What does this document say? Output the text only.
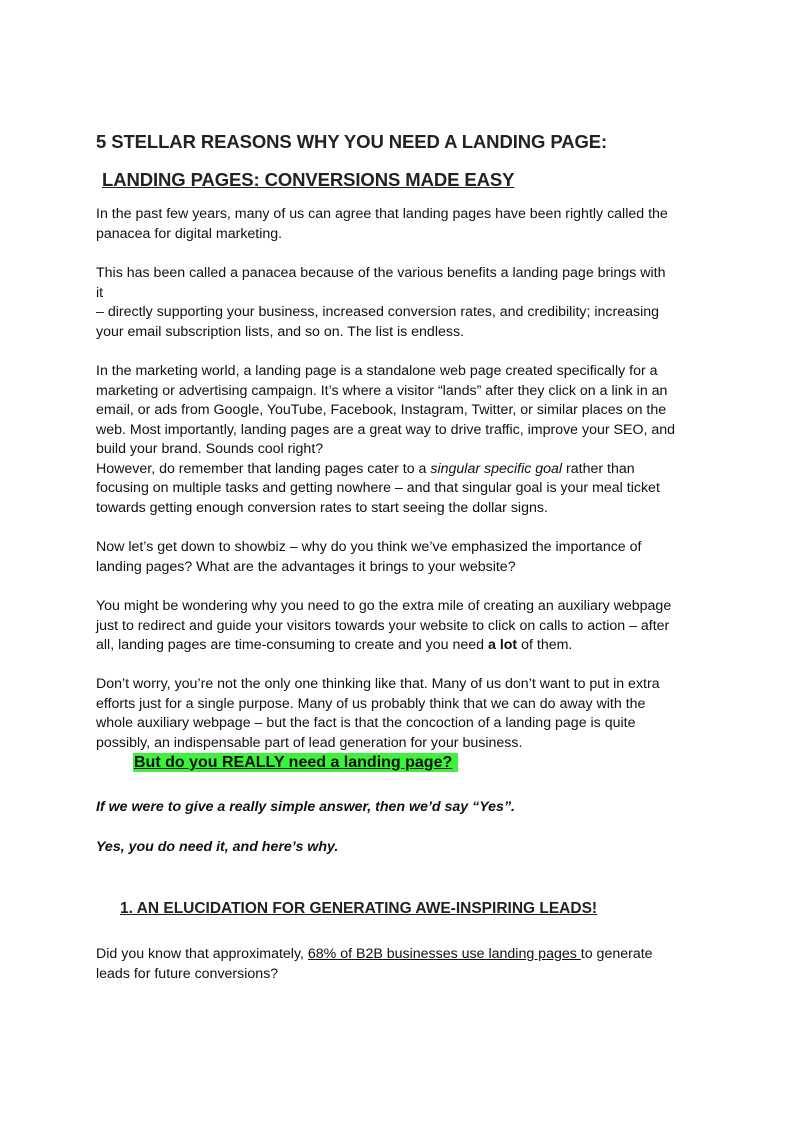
5 STELLAR REASONS WHY YOU NEED A LANDING PAGE:
LANDING PAGES: CONVERSIONS MADE EASY
In the past few years, many of us can agree that landing pages have been rightly called the
panacea for digital marketing.
This has been called a panacea because of the various benefits a landing page brings with
it
– directly supporting your business, increased conversion rates, and credibility; increasing
your email subscription lists, and so on. The list is endless.
In the marketing world, a landing page is a standalone web page created specifically for a
marketing or advertising campaign. It’s where a visitor “lands” after they click on a link in an
email, or ads from Google, YouTube, Facebook, Instagram, Twitter, or similar places on the
web. Most importantly, landing pages are a great way to drive traffic, improve your SEO, and
build your brand. Sounds cool right?
However, do remember that landing pages cater to a singular specific goal rather than
focusing on multiple tasks and getting nowhere – and that singular goal is your meal ticket
towards getting enough conversion rates to start seeing the dollar signs.
Now let’s get down to showbiz – why do you think we’ve emphasized the importance of
landing pages? What are the advantages it brings to your website?
You might be wondering why you need to go the extra mile of creating an auxiliary webpage
just to redirect and guide your visitors towards your website to click on calls to action – after
all, landing pages are time-consuming to create and you need a lot of them.
Don’t worry, you’re not the only one thinking like that. Many of us don’t want to put in extra
efforts just for a single purpose. Many of us probably think that we can do away with the
whole auxiliary webpage – but the fact is that the concoction of a landing page is quite
possibly, an indispensable part of lead generation for your business.
But do you REALLY need a landing page?
If we were to give a really simple answer, then we’d say “Yes”.
Yes, you do need it, and here’s why.
1. AN ELUCIDATION FOR GENERATING AWE-INSPIRING LEADS!
Did you know that approximately, 68% of B2B businesses use landing pages to generate
leads for future conversions?
